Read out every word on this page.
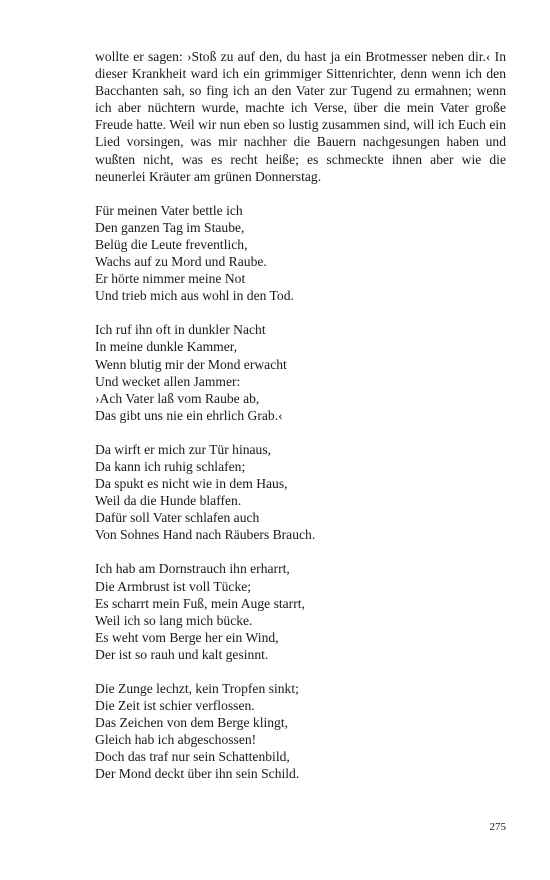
wollte er sagen: ›Stoß zu auf den, du hast ja ein Brotmesser neben dir.‹ In dieser Krankheit ward ich ein grimmiger Sittenrichter, denn wenn ich den Bacchanten sah, so fing ich an den Vater zur Tugend zu ermahnen; wenn ich aber nüchtern wurde, machte ich Verse, über die mein Vater große Freude hatte. Weil wir nun eben so lustig zusammen sind, will ich Euch ein Lied vorsingen, was mir nachher die Bauern nachgesungen haben und wußten nicht, was es recht heiße; es schmeckte ihnen aber wie die neunerlei Kräuter am grünen Donnerstag.

Für meinen Vater bettle ich
Den ganzen Tag im Staube,
Belüg die Leute freventlich,
Wachs auf zu Mord und Raube.
Er hörte nimmer meine Not
Und trieb mich aus wohl in den Tod.
Ich ruf ihn oft in dunkler Nacht
In meine dunkle Kammer,
Wenn blutig mir der Mond erwacht
Und wecket allen Jammer:
›Ach Vater laß vom Raube ab,
Das gibt uns nie ein ehrlich Grab.‹
Da wirft er mich zur Tür hinaus,
Da kann ich ruhig schlafen;
Da spukt es nicht wie in dem Haus,
Weil da die Hunde blaffen.
Dafür soll Vater schlafen auch
Von Sohnes Hand nach Räubers Brauch.
Ich hab am Dornstrauch ihn erharrt,
Die Armbrust ist voll Tücke;
Es scharrt mein Fuß, mein Auge starrt,
Weil ich so lang mich bücke.
Es weht vom Berge her ein Wind,
Der ist so rauh und kalt gesinnt.
Die Zunge lechzt, kein Tropfen sinkt;
Die Zeit ist schier verflossen.
Das Zeichen von dem Berge klingt,
Gleich hab ich abgeschossen!
Doch das traf nur sein Schattenbild,
Der Mond deckt über ihn sein Schild.
275
